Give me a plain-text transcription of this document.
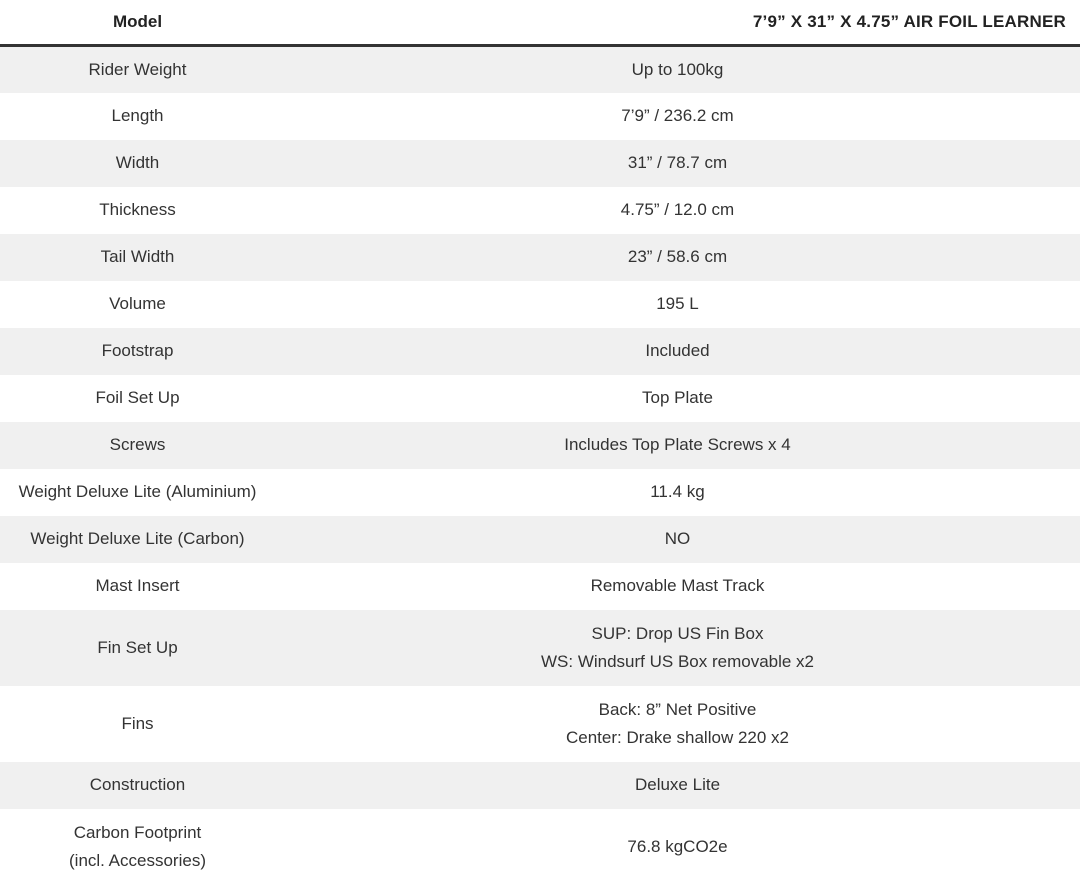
Model	7’9” X 31” X 4.75” AIR FOIL LEARNER

Rider Weight	Up to 100kg

Length	7’9” / 236.2 cm

Width	31” / 78.7 cm

Thickness	4.75” / 12.0 cm

Tail Width	23” / 58.6 cm

Volume	195 L

Footstrap	Included

Foil Set Up	Top Plate

Screws	Includes Top Plate Screws x 4

Weight Deluxe Lite (Aluminium)	11.4 kg

Weight Deluxe Lite (Carbon)	NO

Mast Insert	Removable Mast Track

Fin Set Up	SUP: Drop US Fin Box
WS: Windsurf US Box removable x2

Fins	Back: 8” Net Positive
Center: Drake shallow 220 x2

Construction	Deluxe Lite

Carbon Footprint
(incl. Accessories)	76.8 kgCO2e
